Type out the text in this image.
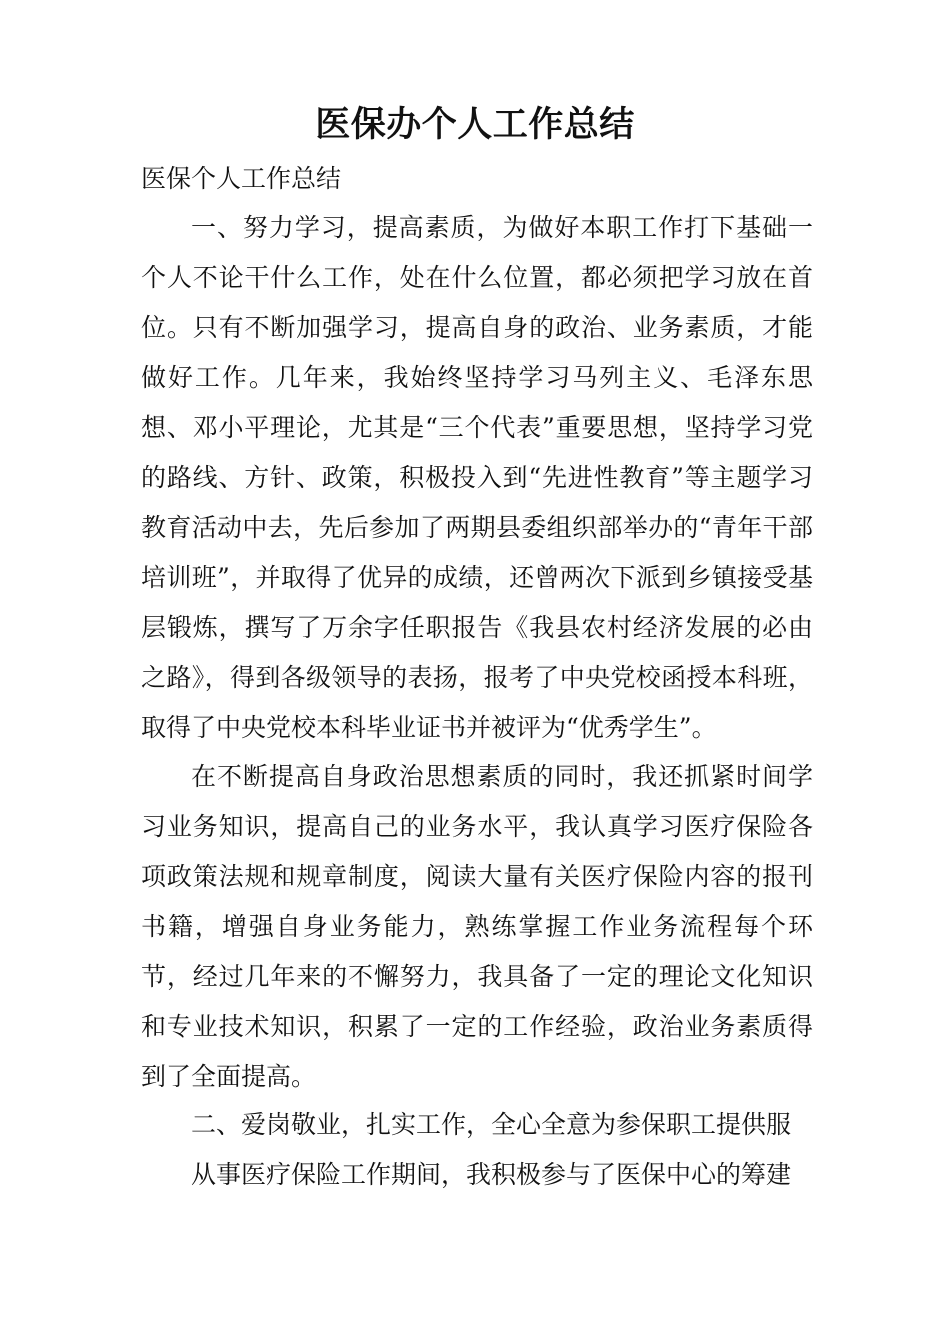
医保办个人工作总结
医保个人工作总结

一、努力学习，提高素质，为做好本职工作打下基础一个人不论干什么工作，处在什么位置，都必须把学习放在首位。只有不断加强学习，提高自身的政治、业务素质，才能做好工作。几年来，我始终坚持学习马列主义、毛泽东思想、邓小平理论，尤其是“三个代表”重要思想，坚持学习党的路线、方针、政策，积极投入到“先进性教育”等主题学习教育活动中去，先后参加了两期县委组织部举办的“青年干部培训班”，并取得了优异的成绩，还曾两次下派到乡镇接受基层锻炼，撰写了万余字任职报告《我县农村经济发展的必由之路》，得到各级领导的表扬，报考了中央党校函授本科班，取得了中央党校本科毕业证书并被评为“优秀学生”。

在不断提高自身政治思想素质的同时，我还抓紧时间学习业务知识，提高自己的业务水平，我认真学习医疗保险各项政策法规和规章制度，阅读大量有关医疗保险内容的报刊书籍，增强自身业务能力，熟练掌握工作业务流程每个环节，经过几年来的不懈努力，我具备了一定的理论文化知识和专业技术知识，积累了一定的工作经验，政治业务素质得到了全面提高。

二、爱岗敬业，扎实工作，全心全意为参保职工提供服

从事医疗保险工作期间，我积极参与了医保中心的筹建
